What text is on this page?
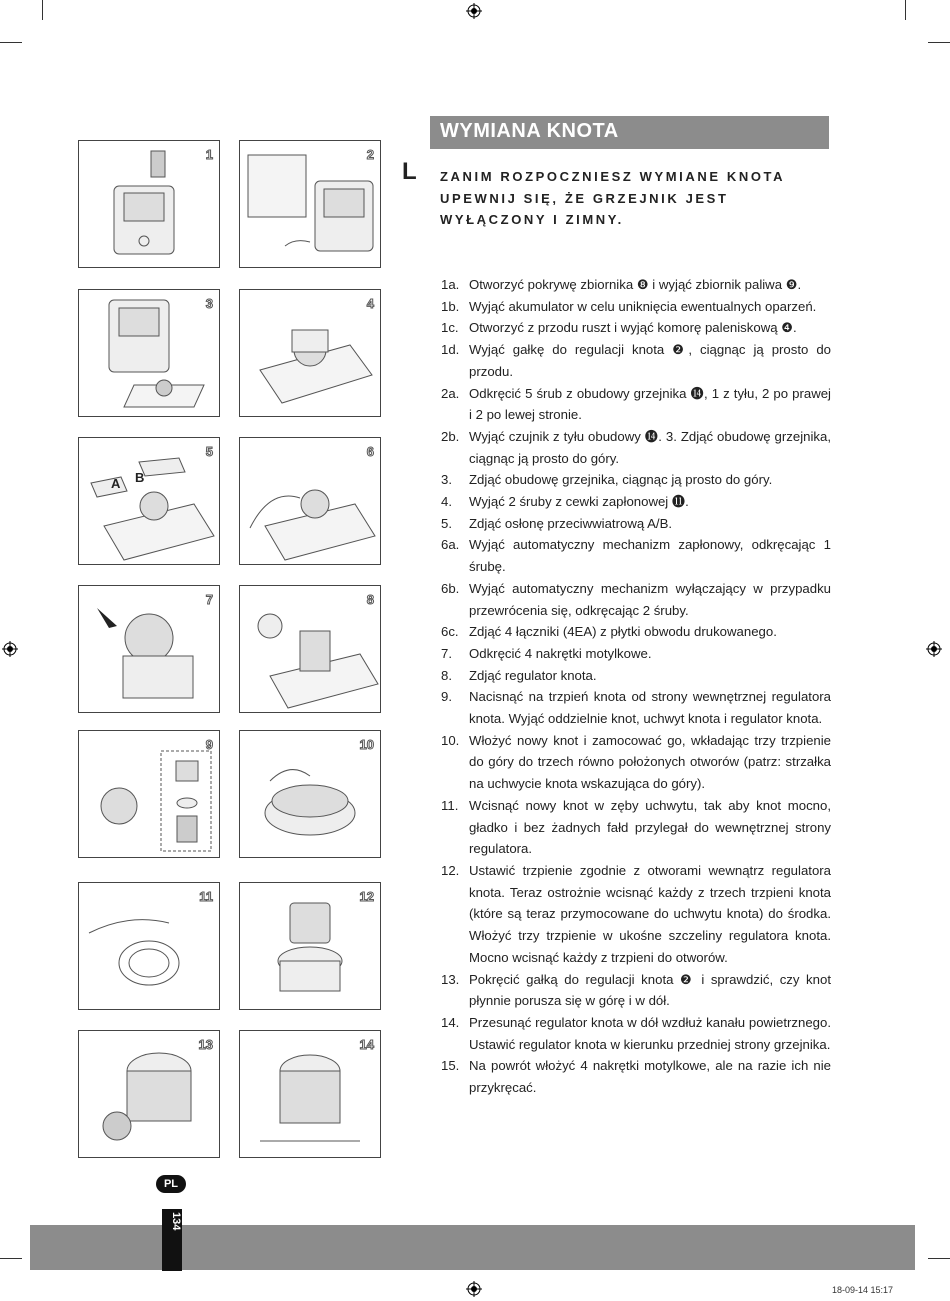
WYMIANA KNOTA
L ZANIM ROZPOCZNIESZ WYMIANE KNOTA UPEWNIJ SIĘ, ŻE GRZEJNIK JEST WYŁĄCZONY I ZIMNY.
1a. Otworzyć pokrywę zbiornika ❽ i wyjąć zbiornik paliwa ❾.
1b. Wyjąć akumulator w celu uniknięcia ewentualnych oparzeń.
1c. Otworzyć z przodu ruszt i wyjąć komorę paleniskową ❹.
1d. Wyjąć gałkę do regulacji knota ❷, ciągnąc ją prosto do przodu.
2a. Odkręcić 5 śrub z obudowy grzejnika ⓮, 1 z tyłu, 2 po prawej i 2 po lewej stronie.
2b. Wyjąć czujnik z tyłu obudowy ⓮. 3. Zdjąć obudowę grzejnika, ciągnąc ją prosto do góry.
3.	Zdjąć obudowę grzejnika, ciągnąc ją prosto do góry.
4.	Wyjąć 2 śruby z cewki zapłonowej ⓫.
5.	Zdjąć osłonę przeciwwiatrową A/B.
6a. Wyjąć automatyczny mechanizm zapłonowy, odkręcając 1 śrubę.
6b. Wyjąć automatyczny mechanizm wyłączający w przypadku przewrócenia się, odkręcając 2 śruby.
6c. Zdjąć 4 łączniki (4EA) z płytki obwodu drukowanego.
7.	Odkręcić 4 nakrętki motylkowe.
8.	Zdjąć regulator knota.
9.	Nacisnąć na trzpień knota od strony wewnętrznej regulatora knota. Wyjąć oddzielnie knot, uchwyt knota i regulator knota.
10. Włożyć nowy knot i zamocować go, wkładając trzy trzpienie do góry do trzech równo położonych otworów (patrz: strzałka na uchwycie knota wskazująca do góry).
11. Wcisnąć nowy knot w zęby uchwytu, tak aby knot mocno, gładko i bez żadnych fałd przylegał do wewnętrznej strony regulatora.
12. Ustawić trzpienie zgodnie z otworami wewnątrz regulatora knota. Teraz ostrożnie wcisnąć każdy z trzech trzpieni knota (które są teraz przymocowane do uchwytu knota) do środka. Włożyć trzy trzpienie w ukośne szczeliny regulatora knota. Mocno wcisnąć każdy z trzpieni do otworów.
13. Pokręcić gałką do regulacji knota ❷ i sprawdzić, czy knot płynnie porusza się w górę i w dół.
14. Przesunąć regulator knota w dół wzdłuż kanału powietrznego. Ustawić regulator knota w kierunku przedniej strony grzejnika.
15. Na powrót włożyć 4 nakrętki motylkowe, ale na razie ich nie przykręcać.
1	2
3	4
A B
5	6
7	8
9	10
11	12
13	14
PL
134
18-09-14 15:17
